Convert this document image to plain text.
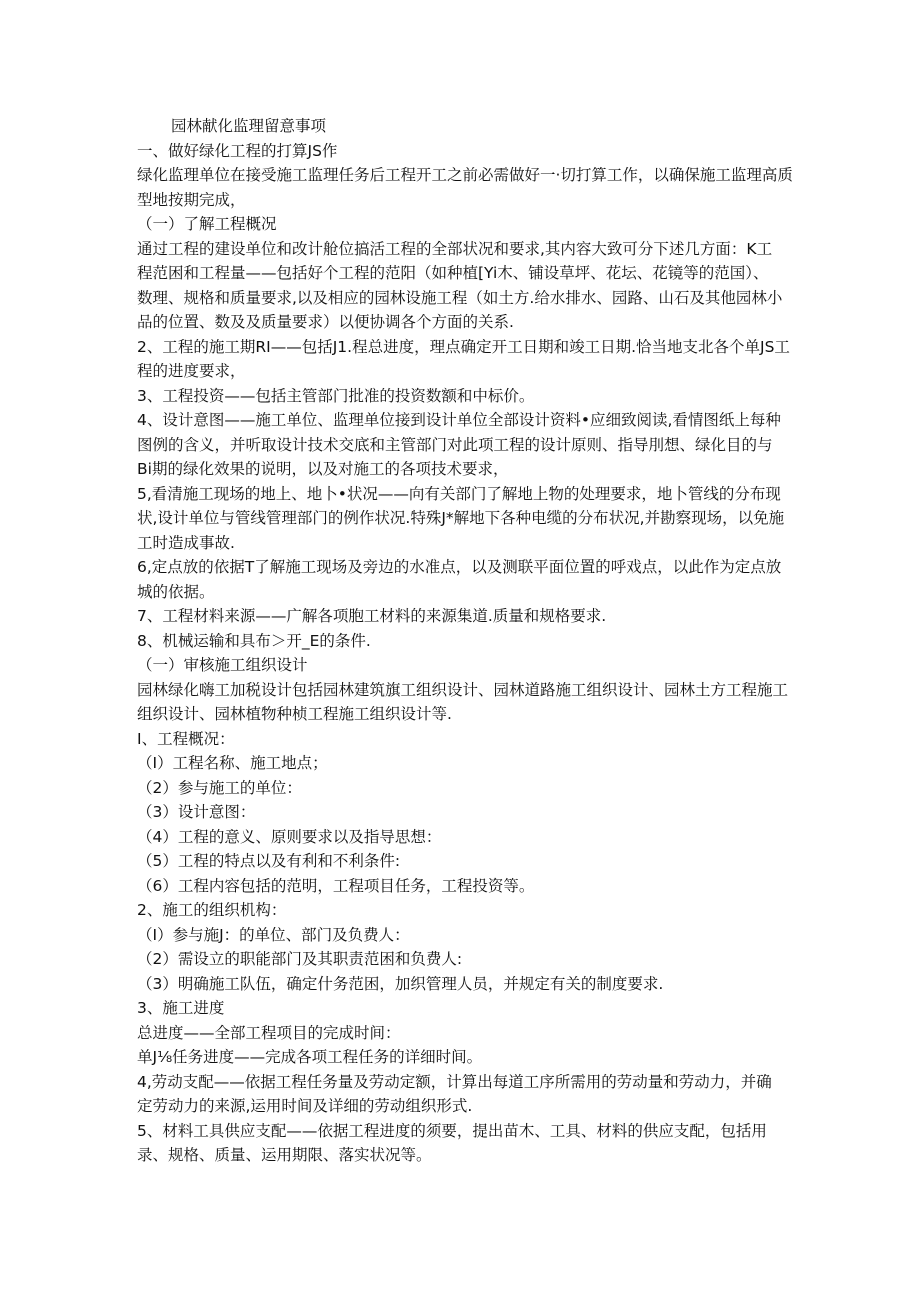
园林献化监理留意事项
一、做好绿化工程的打算JS作
绿化监理单位在接受施工监理任务后工程开工之前必需做好一·切打算工作，以确保施工监理高质
型地按期完成，
（一）了解工程概况
通过工程的建设单位和改计舱位搞活工程的全部状况和要求,其内容大致可分下述几方面：K工
程范困和工程量——包括好个工程的范阳（如种植[Yi木、铺设草坪、花坛、花镜等的范国）、
数理、规格和质量要求,以及相应的园林设施工程（如土方.给水排水、园路、山石及其他园林小
品的位置、数及及质量要求）以便协调各个方面的关系.
2、工程的施工期RI——包括J1.程总进度，理点确定开工日期和竣工日期.恰当地支北各个单JS工
程的进度要求，
3、工程投资——包括主管部门批准的投资数额和中标价。
4、设计意图——施工单位、监理单位接到设计单位全部设计资料•应细致阅读,看情图纸上每种
图例的含义，并听取设计技术交底和主管部门对此项工程的设计原则、指导刖想、绿化目的与
Bi期的绿化效果的说明，以及对施工的各项技术要求，
5,看清施工现场的地上、地卜•状况——向有关部门了解地上物的处理要求，地卜管线的分布现
状,设计单位与管线管理部门的例作状况.特殊J*解地下各种电缆的分布状况,并勘察现场，以免施
工时造成事故.
6,定点放的依据T了解施工现场及旁边的水准点，以及测联平面位置的呼戏点，以此作为定点放
城的依据。
7、工程材料来源——广解各项胞工材料的来源集道.质量和规格要求.
8、机械运输和具布＞开_E的条件.
（一）审核施工组织设计
园林绿化嗨工加税设计包括园林建筑旗工组织设计、园林道路施工组织设计、园林土方工程施工
组织设计、园林植物种桢工程施工组织设计等.
I、工程概况：
（I）工程名称、施工地点；
（2）参与施工的单位：
（3）设计意图：
（4）工程的意义、原则要求以及指导思想：
（5）工程的特点以及有利和不利条件:
（6）工程内容包括的范明，工程项目任务，工程投资等。
2、施工的组织机构：
（I）参与施J：的单位、部门及负费人：
（2）需设立的职能部门及其职责范困和负费人:
（3）明确施工队伍，确定什务范困，加织管理人员，并规定有关的制度要求.
3、施工进度
总进度——全部工程项目的完成时间：
单J⅛任务进度——完成各项工程任务的详细时间。
4,劳动支配——依据工程任务量及劳动定额，计算出每道工序所需用的劳动量和劳动力，并确
定劳动力的来源,运用时间及详细的劳动组织形式.
5、材料工具供应支配——依据工程进度的须要，提出苗木、工具、材料的供应支配，包括用
录、规格、质量、运用期限、落实状况等。
